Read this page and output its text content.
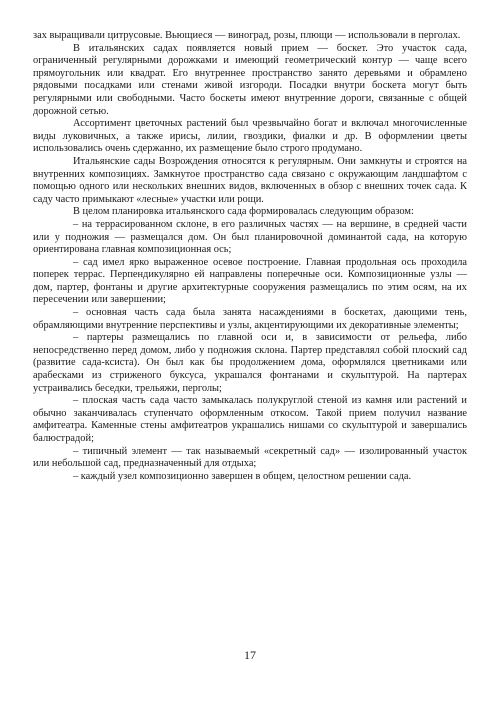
зах выращивали цитрусовые. Вьющиеся — виноград, розы, плющи — использовали в перголах.

В итальянских садах появляется новый прием — боскет. Это участок сада, ограниченный регулярными дорожками и имеющий геометрический контур — чаще всего прямоугольник или квадрат. Его внутреннее пространство занято деревьями и обрамлено рядовыми посадками или стенами живой изгороди. Посадки внутри боскета могут быть регулярными или свободными. Часто боскеты имеют внутренние дороги, связанные с общей дорожной сетью.

Ассортимент цветочных растений был чрезвычайно богат и включал многочисленные виды луковичных, а также ирисы, лилии, гвоздики, фиалки и др. В оформлении цветы использовались очень сдержанно, их размещение было строго продумано.

Итальянские сады Возрождения относятся к регулярным. Они замкнуты и строятся на внутренних композициях. Замкнутое пространство сада связано с окружающим ландшафтом с помощью одного или нескольких внешних видов, включенных в обзор с внешних точек сада. К саду часто примыкают «лесные» участки или рощи.

В целом планировка итальянского сада формировалась следующим образом:

– на террасированном склоне, в его различных частях — на вершине, в средней части или у подножия — размещался дом. Он был планировочной доминантой сада, на которую ориентирована главная композиционная ось;

– сад имел ярко выраженное осевое построение. Главная продольная ось проходила поперек террас. Перпендикулярно ей направлены поперечные оси. Композиционные узлы — дом, партер, фонтаны и другие архитектурные сооружения размещались по этим осям, на их пересечении или завершении;

– основная часть сада была занята насаждениями в боскетах, дающими тень, обрамляющими внутренние перспективы и узлы, акцентирующими их декоративные элементы;

– партеры размещались по главной оси и, в зависимости от рельефа, либо непосредственно перед домом, либо у подножия склона. Партер представлял собой плоский сад (развитие сада-ксиста). Он был как бы продолжением дома, оформлялся цветниками или арабесками из стриженого буксуса, украшался фонтанами и скульптурой. На партерах устраивались беседки, трельяжи, перголы;

– плоская часть сада часто замыкалась полукруглой стеной из камня или растений и обычно заканчивалась ступенчато оформленным откосом. Такой прием получил название амфитеатра. Каменные стены амфитеатров украшались нишами со скульптурой и завершались балюстрадой;

– типичный элемент — так называемый «секретный сад» — изолированный участок или небольшой сад, предназначенный для отдыха;

– каждый узел композиционно завершен в общем, целостном решении сада.

17
